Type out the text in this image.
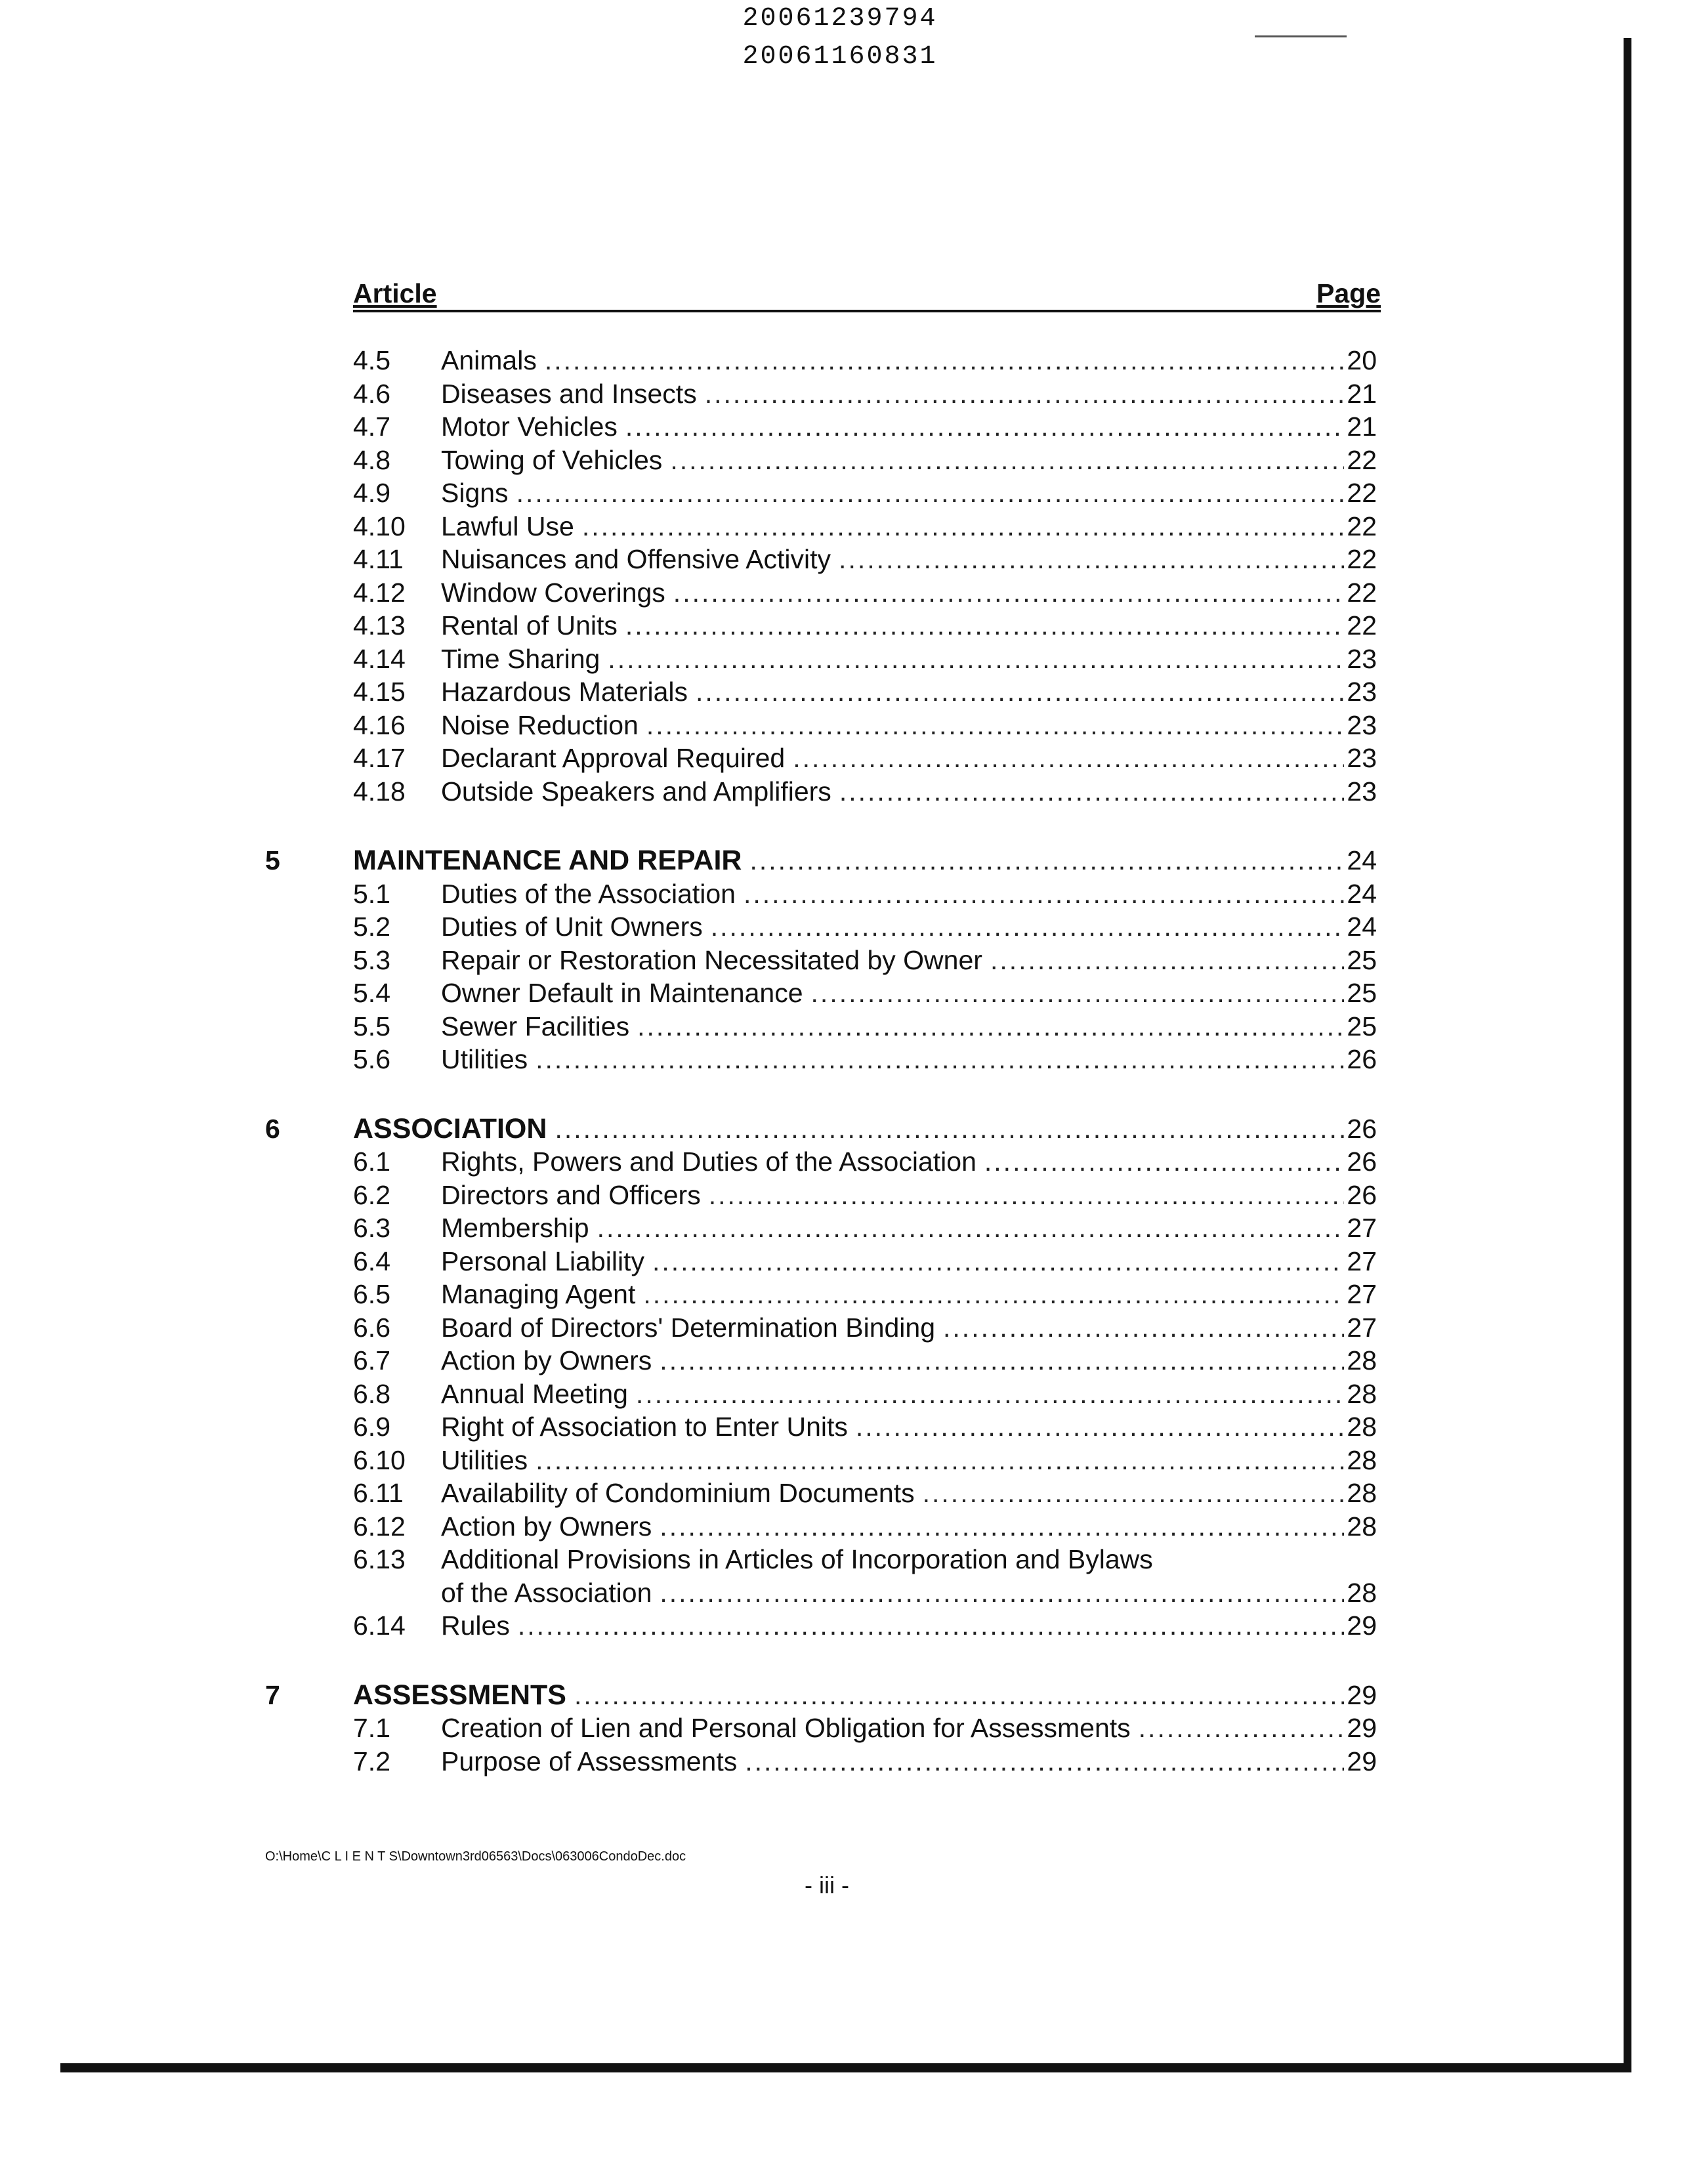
20061239794
20061160831
Article	Page
4.5 Animals .....	20
4.6 Diseases and Insects .....	21
4.7 Motor Vehicles .....	21
4.8 Towing of Vehicles .....	22
4.9 Signs .....	22
4.10 Lawful Use .....	22
4.11 Nuisances and Offensive Activity .....	22
4.12 Window Coverings .....	22
4.13 Rental of Units .....	22
4.14 Time Sharing .....	23
4.15 Hazardous Materials .....	23
4.16 Noise Reduction .....	23
4.17 Declarant Approval Required .....	23
4.18 Outside Speakers and Amplifiers .....	23
5	MAINTENANCE AND REPAIR .....	24
5.1 Duties of the Association .....	24
5.2 Duties of Unit Owners .....	24
5.3 Repair or Restoration Necessitated by Owner .....	25
5.4 Owner Default in Maintenance .....	25
5.5 Sewer Facilities .....	25
5.6 Utilities .....	26
6	ASSOCIATION .....	26
6.1 Rights, Powers and Duties of the Association .....	26
6.2 Directors and Officers .....	26
6.3 Membership .....	27
6.4 Personal Liability .....	27
6.5 Managing Agent .....	27
6.6 Board of Directors' Determination Binding .....	27
6.7 Action by Owners .....	28
6.8 Annual Meeting .....	28
6.9 Right of Association to Enter Units .....	28
6.10 Utilities .....	28
6.11 Availability of Condominium Documents .....	28
6.12 Action by Owners .....	28
6.13 Additional Provisions in Articles of Incorporation and Bylaws
of the Association .....	28
6.14 Rules .....	29
7	ASSESSMENTS .....	29
7.1 Creation of Lien and Personal Obligation for Assessments .....	29
7.2 Purpose of Assessments .....	29
O:\Home\C L I E N T S\Downtown3rd06563\Docs\063006CondoDec.doc
- iii -
